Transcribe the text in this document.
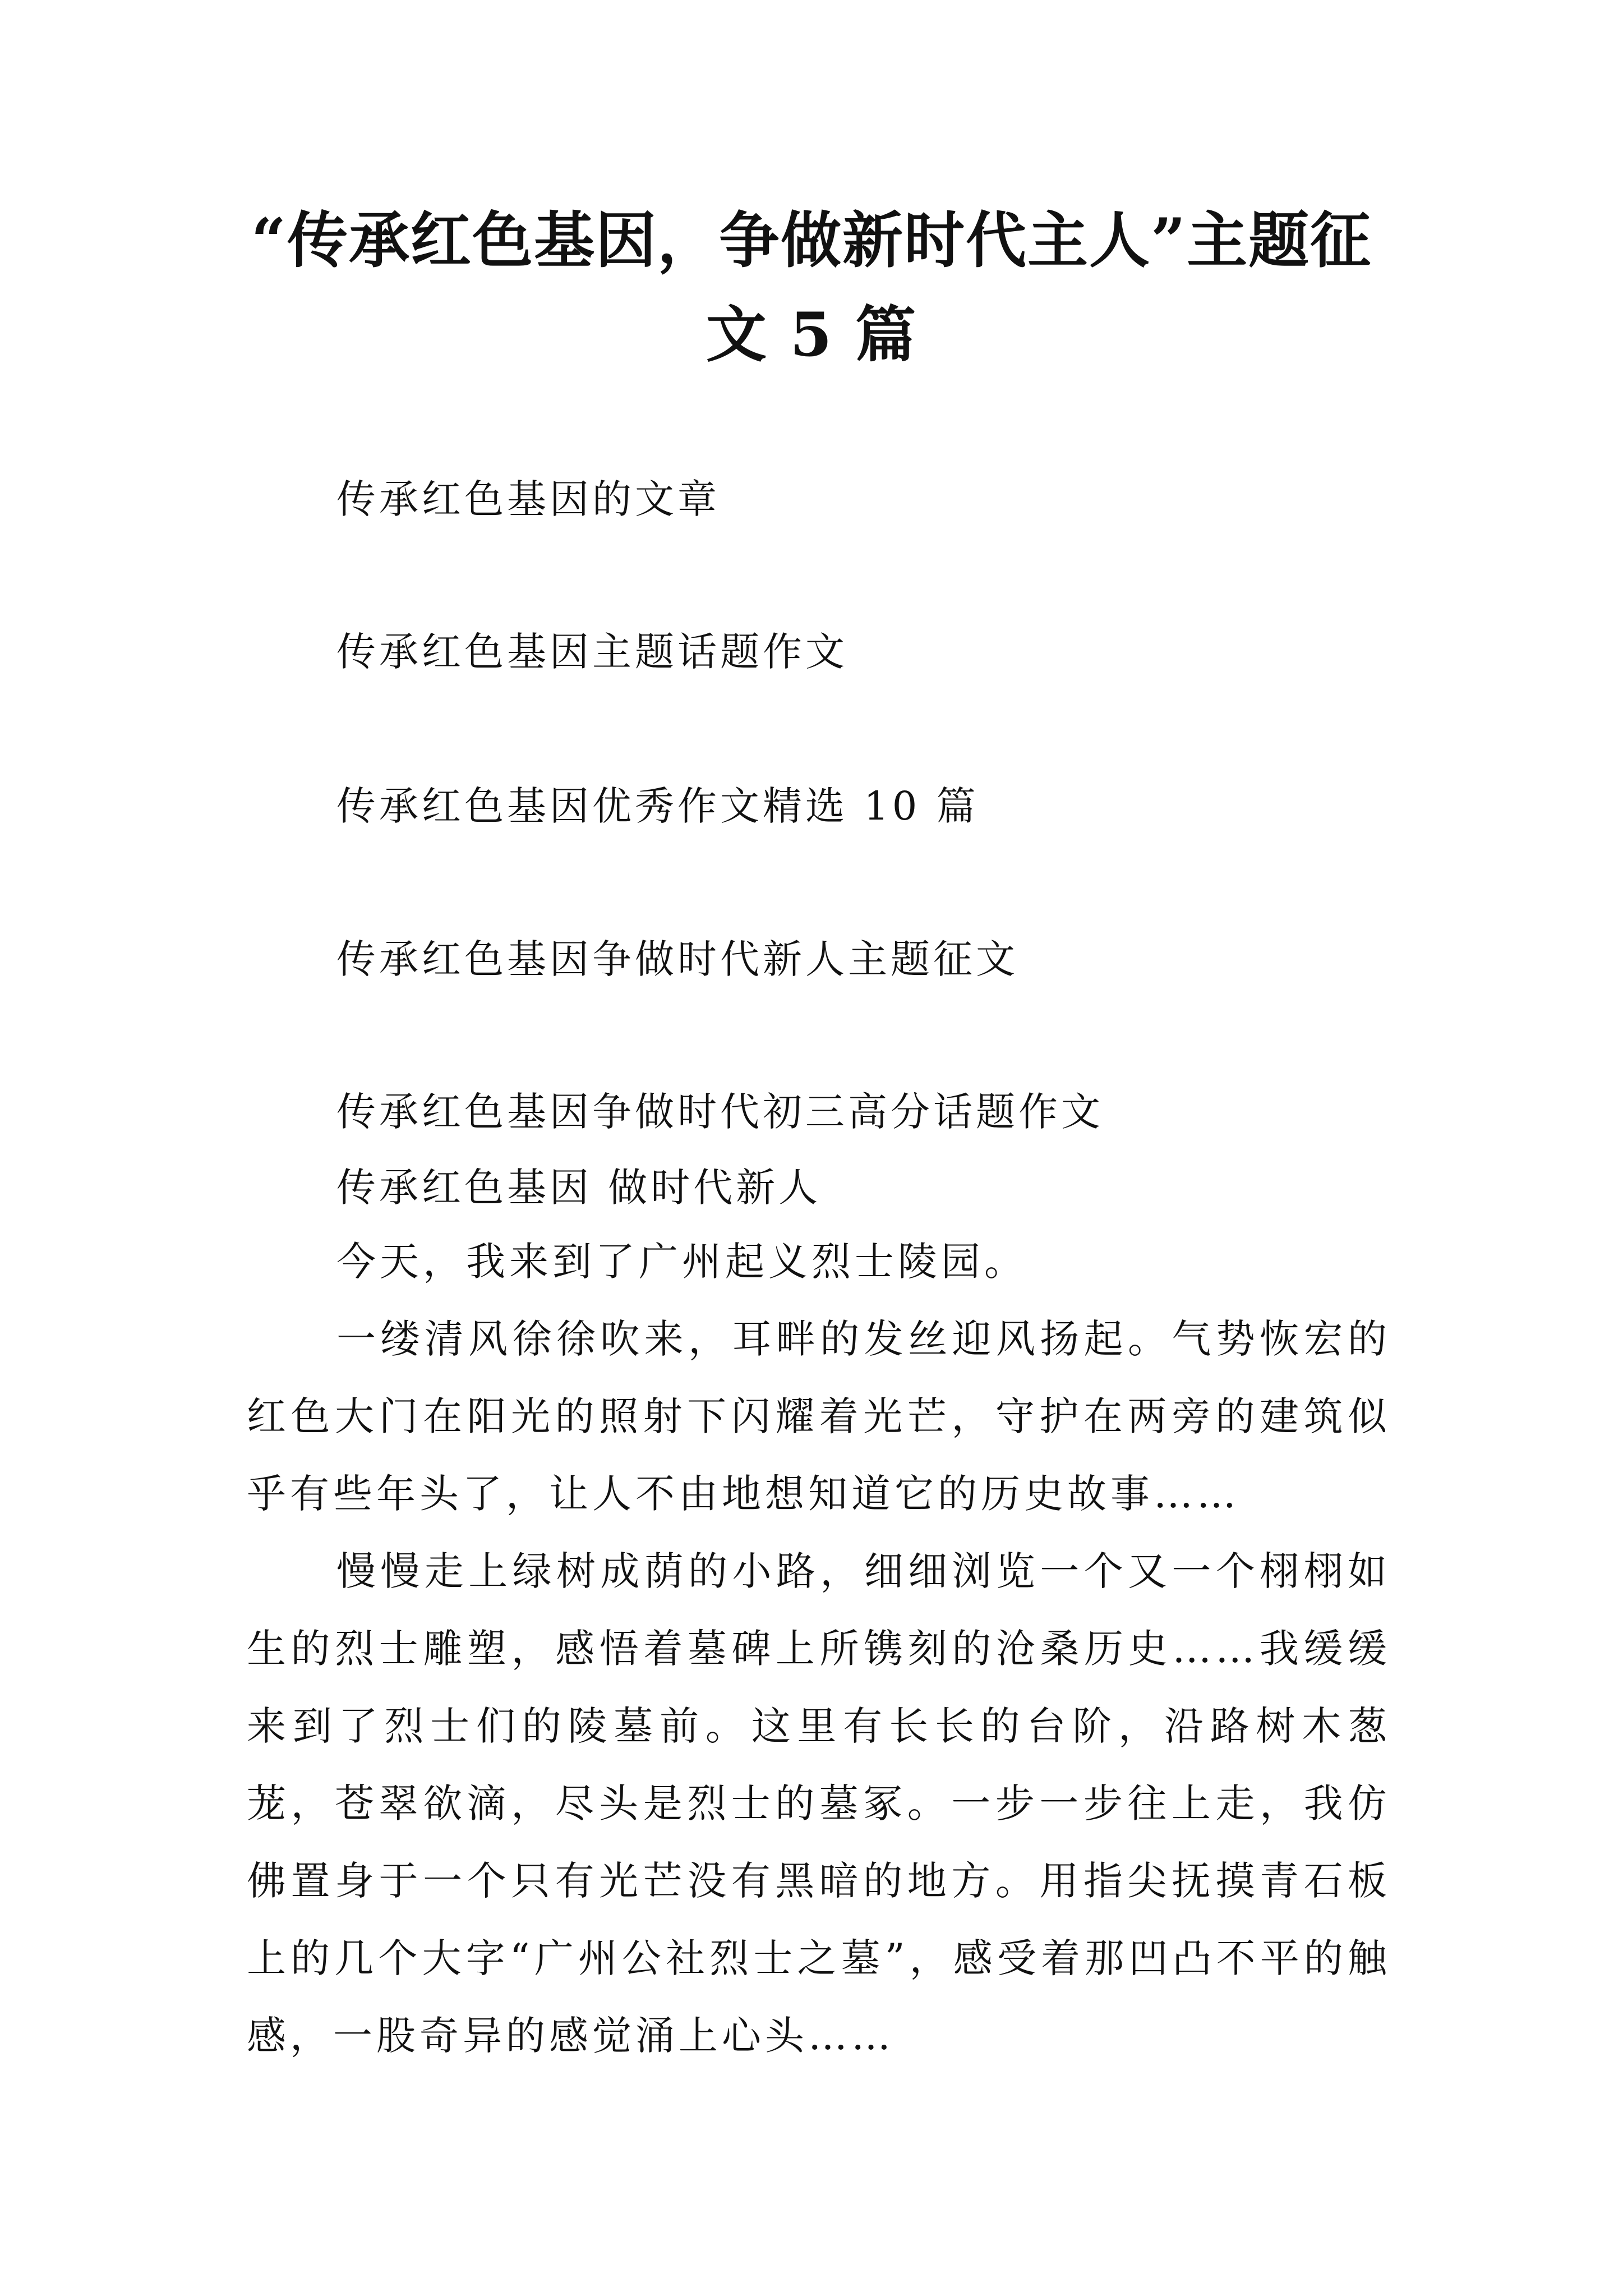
“传承红色基因，争做新时代主人”主题征
文 5 篇
传承红色基因的文章
传承红色基因主题话题作文
传承红色基因优秀作文精选 10 篇
传承红色基因争做时代新人主题征文
传承红色基因争做时代初三高分话题作文
传承红色基因 做时代新人

今天，我来到了广州起义烈士陵园。

一缕清风徐徐吹来，耳畔的发丝迎风扬起。气势恢宏的红色大门在阳光的照射下闪耀着光芒，守护在两旁的建筑似乎有些年头了，让人不由地想知道它的历史故事……

慢慢走上绿树成荫的小路，细细浏览一个又一个栩栩如生的烈士雕塑，感悟着墓碑上所镌刻的沧桑历史……我缓缓来到了烈士们的陵墓前。这里有长长的台阶，沿路树木葱茏，苍翠欲滴，尽头是烈士的墓冢。一步一步往上走，我仿佛置身于一个只有光芒没有黑暗的地方。用指尖抚摸青石板上的几个大字“广州公社烈士之墓”，感受着那凹凸不平的触感，一股奇异的感觉涌上心头……
